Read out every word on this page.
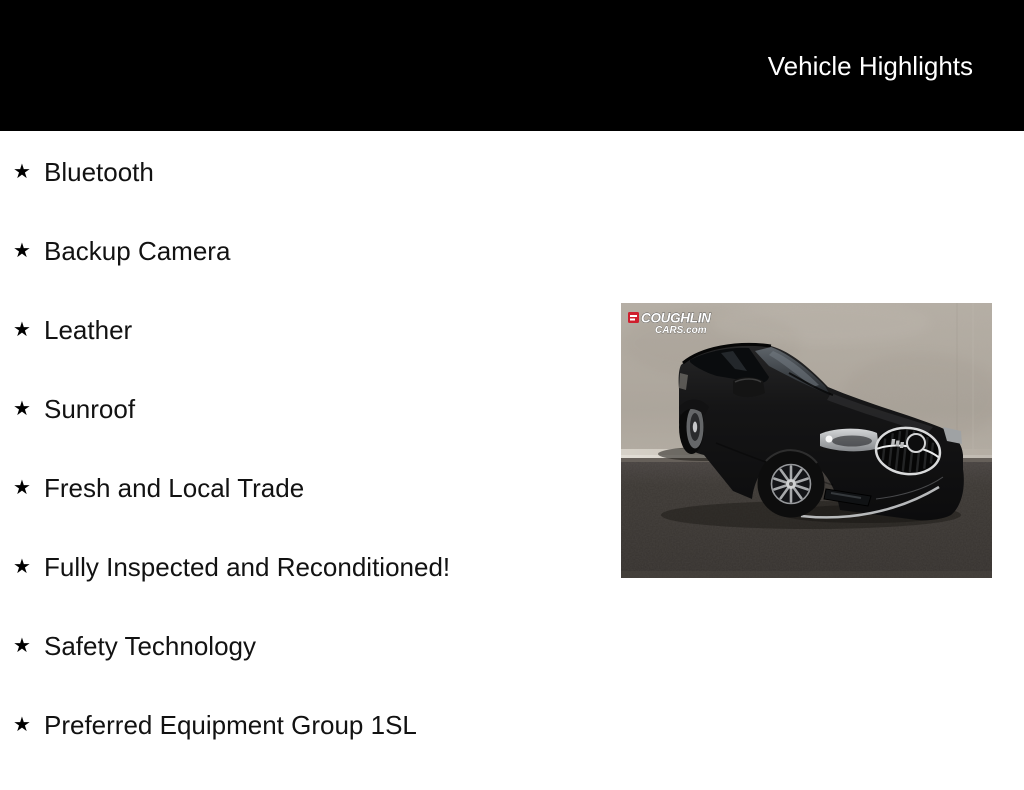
Vehicle Highlights
★ Bluetooth
★ Backup Camera
★ Leather
★ Sunroof
★ Fresh and Local Trade
★ Fully Inspected and Reconditioned!
★ Safety Technology
★ Preferred Equipment Group 1SL
COUGHLIN
CARS.com
